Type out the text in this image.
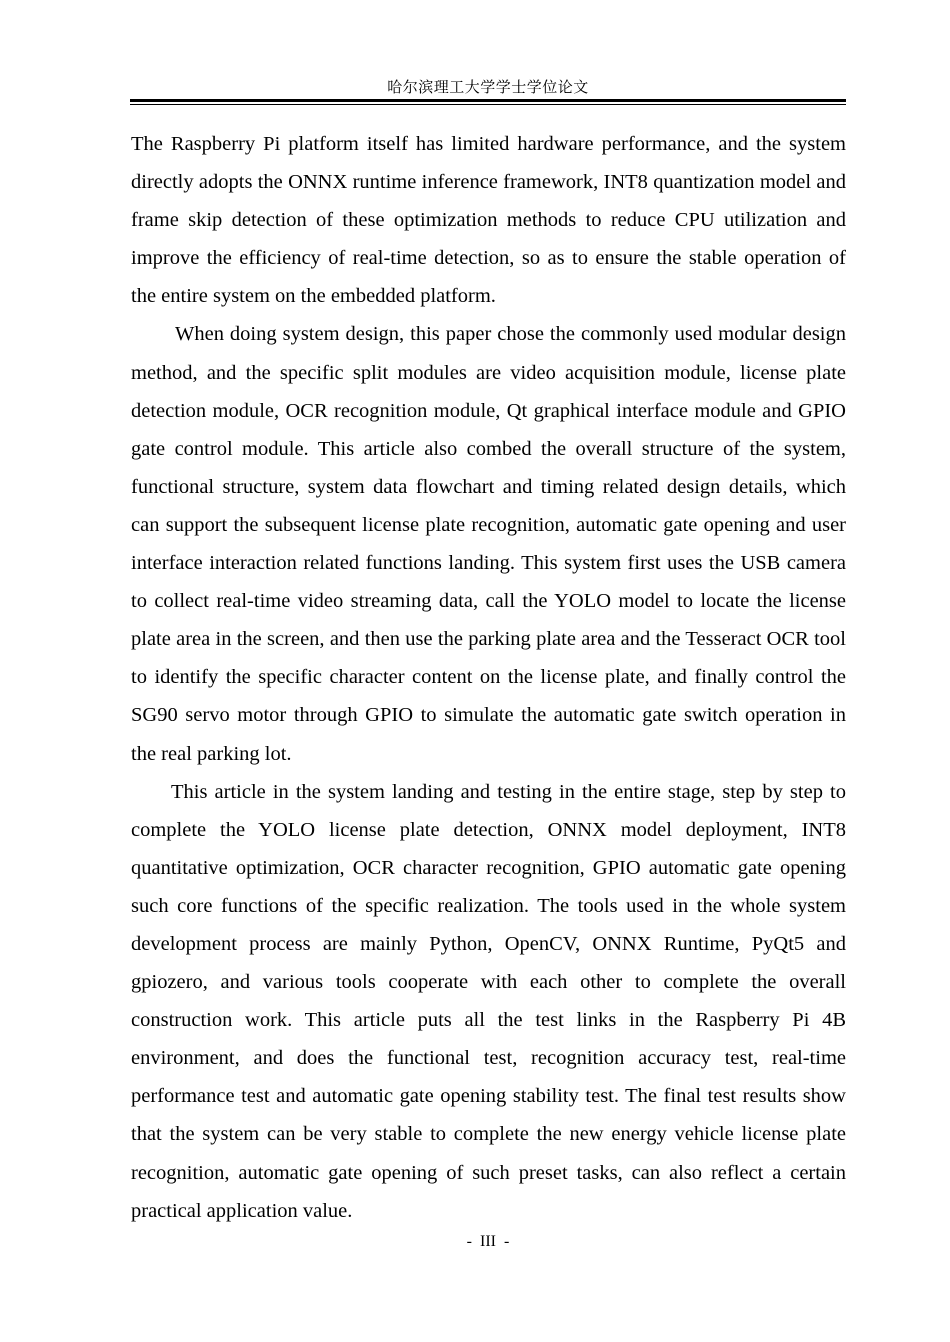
哈尔滨理工大学学士学位论文

The Raspberry Pi platform itself has limited hardware performance, and the system directly adopts the ONNX runtime inference framework, INT8 quantization model and frame skip detection of these optimization methods to reduce CPU utilization and improve the efficiency of real-time detection, so as to ensure the stable operation of the entire system on the embedded platform.

When doing system design, this paper chose the commonly used modular design method, and the specific split modules are video acquisition module, license plate detection module, OCR recognition module, Qt graphical interface module and GPIO gate control module. This article also combed the overall structure of the system, functional structure, system data flowchart and timing related design details, which can support the subsequent license plate recognition, automatic gate opening and user interface interaction related functions landing. This system first uses the USB camera to collect real-time video streaming data, call the YOLO model to locate the license plate area in the screen, and then use the parking plate area and the Tesseract OCR tool to identify the specific character content on the license plate, and finally control the SG90 servo motor through GPIO to simulate the automatic gate switch operation in the real parking lot.

This article in the system landing and testing in the entire stage, step by step to complete the YOLO license plate detection, ONNX model deployment, INT8 quantitative optimization, OCR character recognition, GPIO automatic gate opening such core functions of the specific realization. The tools used in the whole system development process are mainly Python, OpenCV, ONNX Runtime, PyQt5 and gpiozero, and various tools cooperate with each other to complete the overall construction work. This article puts all the test links in the Raspberry Pi 4B environment, and does the functional test, recognition accuracy test, real-time performance test and automatic gate opening stability test. The final test results show that the system can be very stable to complete the new energy vehicle license plate recognition, automatic gate opening of such preset tasks, can also reflect a certain practical application value.

- III -
